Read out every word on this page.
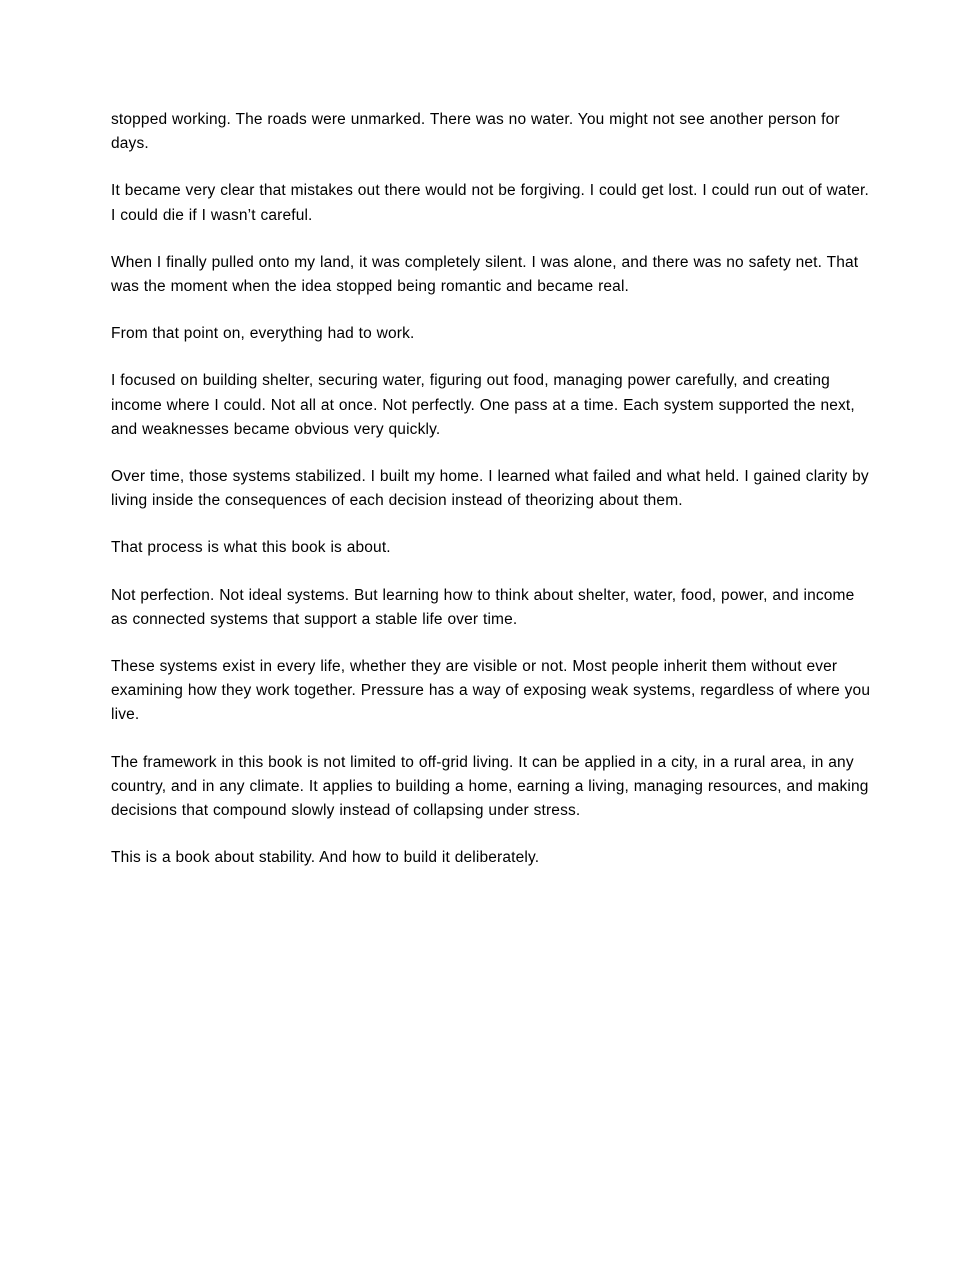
stopped working. The roads were unmarked. There was no water. You might not see another person for days.

It became very clear that mistakes out there would not be forgiving. I could get lost. I could run out of water. I could die if I wasn’t careful.

When I finally pulled onto my land, it was completely silent. I was alone, and there was no safety net. That was the moment when the idea stopped being romantic and became real.

From that point on, everything had to work.

I focused on building shelter, securing water, figuring out food, managing power carefully, and creating income where I could. Not all at once. Not perfectly. One pass at a time. Each system supported the next, and weaknesses became obvious very quickly.

Over time, those systems stabilized. I built my home. I learned what failed and what held. I gained clarity by living inside the consequences of each decision instead of theorizing about them.

That process is what this book is about.

Not perfection. Not ideal systems. But learning how to think about shelter, water, food, power, and income as connected systems that support a stable life over time.

These systems exist in every life, whether they are visible or not. Most people inherit them without ever examining how they work together. Pressure has a way of exposing weak systems, regardless of where you live.

The framework in this book is not limited to off-grid living. It can be applied in a city, in a rural area, in any country, and in any climate. It applies to building a home, earning a living, managing resources, and making decisions that compound slowly instead of collapsing under stress.

This is a book about stability. And how to build it deliberately.
